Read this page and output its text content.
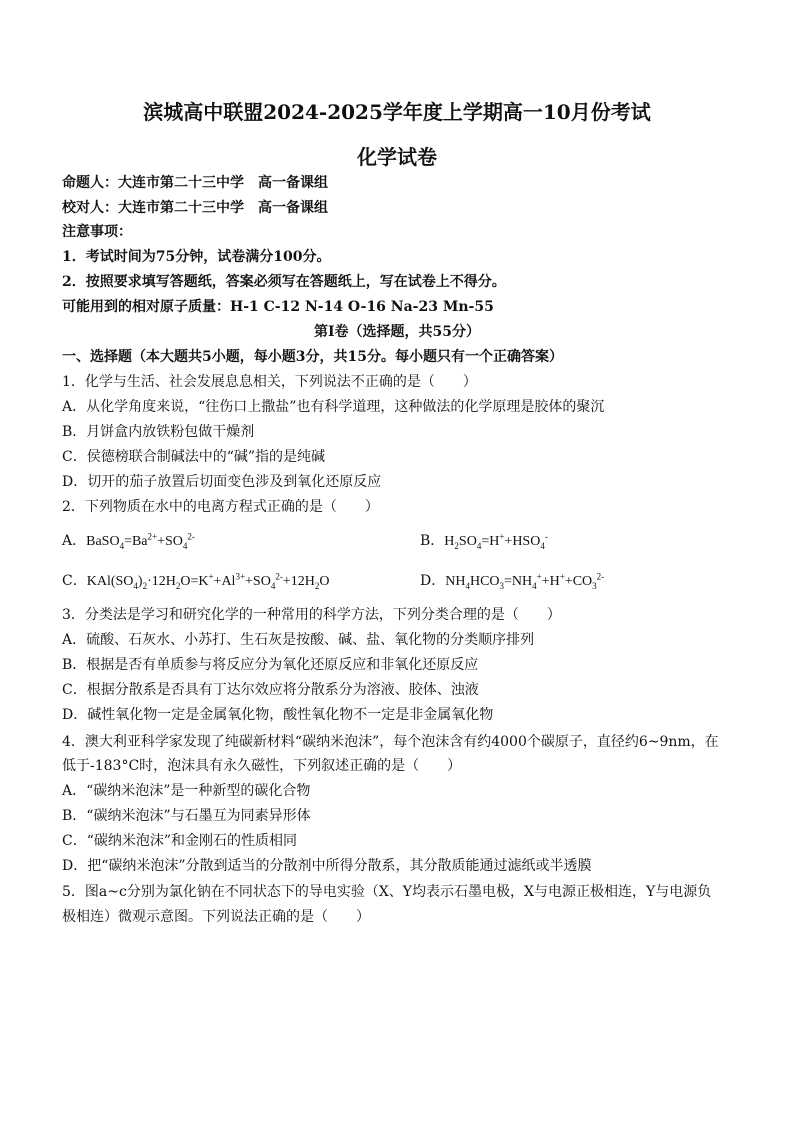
滨城高中联盟2024-2025学年度上学期高一10月份考试
化学试卷
命题人：大连市第二十三中学　高一备课组
校对人：大连市第二十三中学　高一备课组
注意事项：
1．考试时间为75分钟，试卷满分100分。
2．按照要求填写答题纸，答案必须写在答题纸上，写在试卷上不得分。
可能用到的相对原子质量：H-1 C-12 N-14 O-16 Na-23 Mn-55
第Ⅰ卷（选择题，共55分）
一、选择题（本大题共5小题，每小题3分，共15分。每小题只有一个正确答案）
1．化学与生活、社会发展息息相关，下列说法不正确的是（　　）
A．从化学角度来说，“往伤口上撒盐”也有科学道理，这种做法的化学原理是胶体的聚沉
B．月饼盒内放铁粉包做干燥剂
C．侯德榜联合制碱法中的“碱”指的是纯碱
D．切开的茄子放置后切面变色涉及到氧化还原反应
2．下列物质在水中的电离方程式正确的是（　　）
A．$BaSO_4=Ba^{2+}+SO_4^{2-}$	B．$H_2SO_4=H^++HSO_4^-$
C．$KAl(SO_4)_2\cdot 12H_2O=K^++Al^{3+}+SO_4^{2-}+12H_2O$	D．$NH_4HCO_3=NH_4^++H^++CO_3^{2-}$
3．分类法是学习和研究化学的一种常用的科学方法，下列分类合理的是（　　）
A．硫酸、石灰水、小苏打、生石灰是按酸、碱、盐、氧化物的分类顺序排列
B．根据是否有单质参与将反应分为氧化还原反应和非氧化还原反应
C．根据分散系是否具有丁达尔效应将分散系分为溶液、胶体、浊液
D．碱性氧化物一定是金属氧化物，酸性氧化物不一定是非金属氧化物
4．澳大利亚科学家发现了纯碳新材料“碳纳米泡沫”，每个泡沫含有约4000个碳原子，直径约6~9nm，在
低于-183°C时，泡沫具有永久磁性，下列叙述正确的是（　　）
A．“碳纳米泡沫”是一种新型的碳化合物
B．“碳纳米泡沫”与石墨互为同素异形体
C．“碳纳米泡沫”和金刚石的性质相同
D．把“碳纳米泡沫”分散到适当的分散剂中所得分散系，其分散质能通过滤纸或半透膜
5．图a~c分别为氯化钠在不同状态下的导电实验（X、Y均表示石墨电极，X与电源正极相连，Y与电源负
极相连）微观示意图。下列说法正确的是（　　）
